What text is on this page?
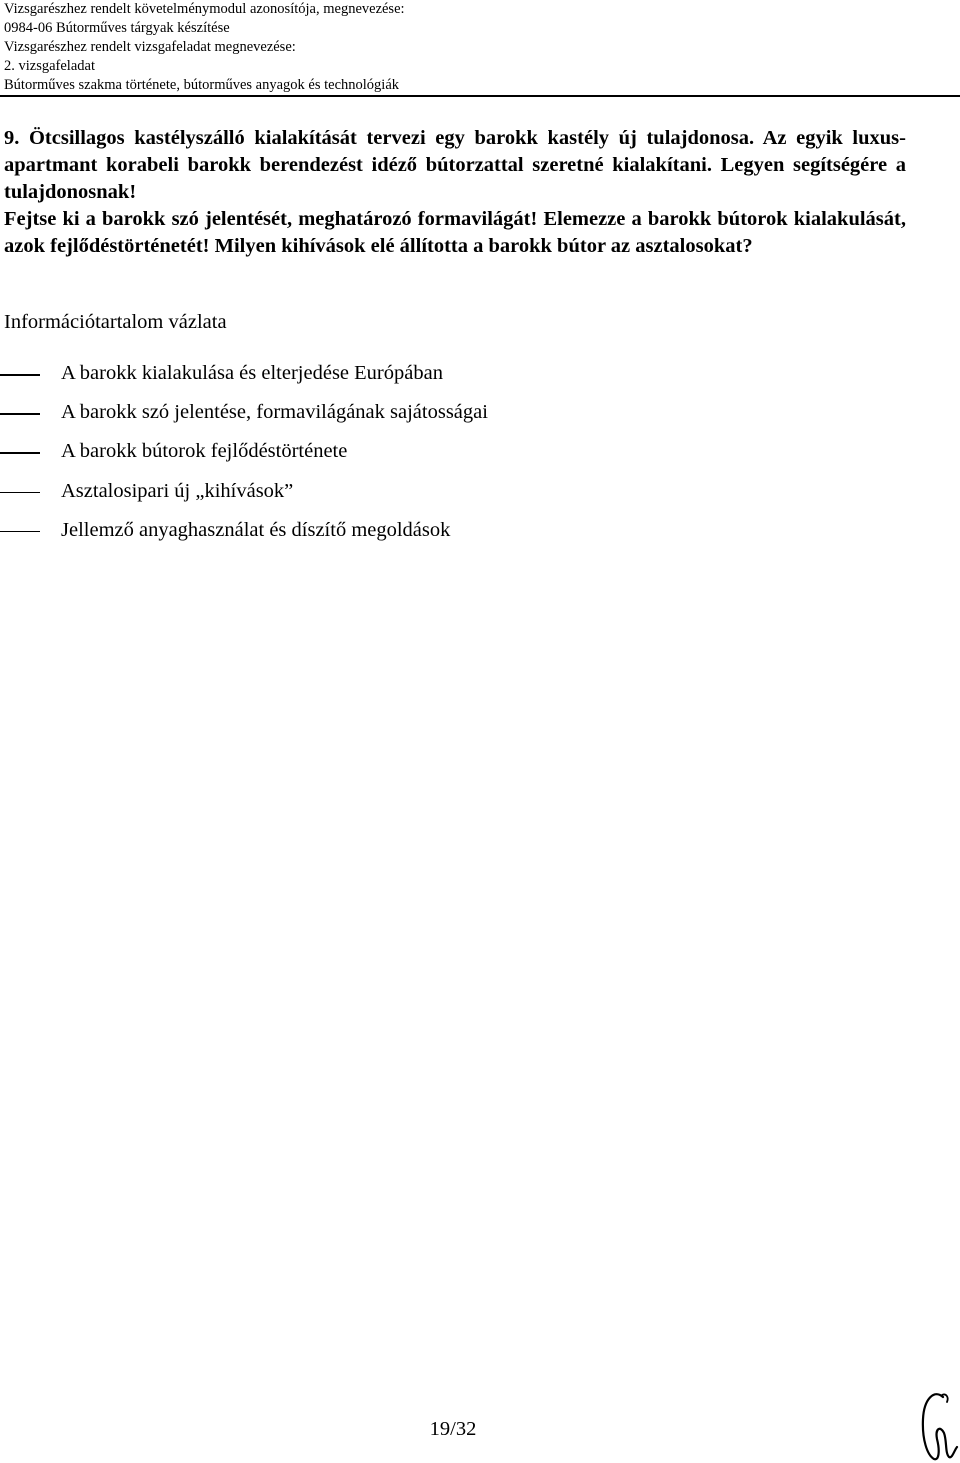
Vizsgarészhez rendelt követelménymodul azonosítója, megnevezése:
0984-06 Bútorműves tárgyak készítése
Vizsgarészhez rendelt vizsgafeladat megnevezése:
2. vizsgafeladat
Bútorműves szakma története, bútorműves anyagok és technológiák

9. Ötcsillagos kastélyszálló kialakítását tervezi egy barokk kastély új tulajdonosa. Az egyik luxus- apartmant korabeli barokk berendezést idéző bútorzattal szeretné kialakítani. Legyen segítségére a tulajdonosnak!

Fejtse ki a barokk szó jelentését, meghatározó formavilágát! Elemezze a barokk bútorok kialakulását, azok fejlődéstörténetét! Milyen kihívások elé állította a barokk bútor az asztalosokat?

Információtartalom vázlata
A barokk kialakulása és elterjedése Európában
A barokk szó jelentése, formavilágának sajátosságai
A barokk bútorok fejlődéstörténete
Asztalosipari új „kihívások”
Jellemző anyaghasználat és díszítő megoldások
19/32
